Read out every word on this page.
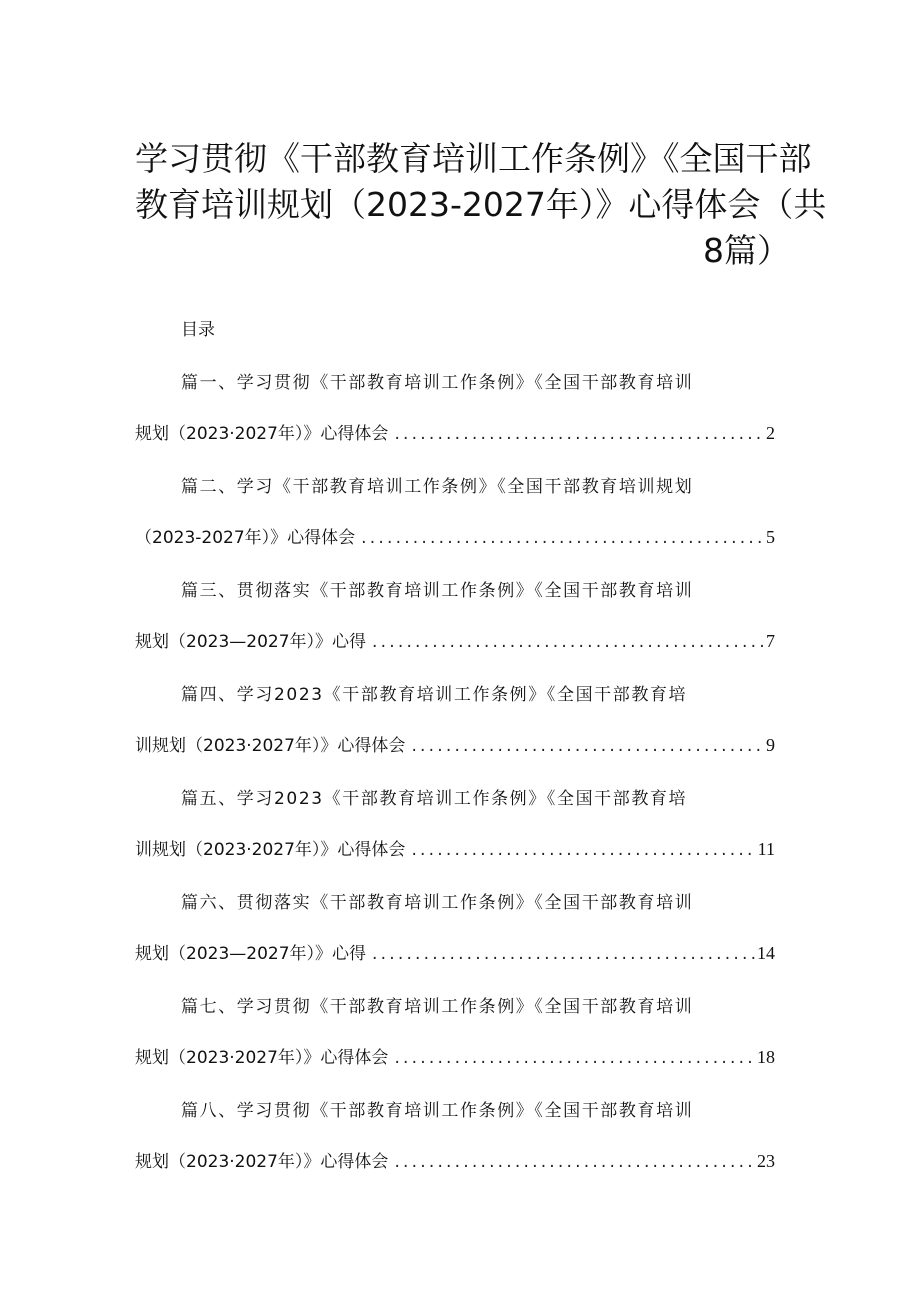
学习贯彻《干部教育培训工作条例》《全国干部
教育培训规划（2023-2027年）》心得体会（共
8篇）
目录
篇一、学习贯彻《干部教育培训工作条例》《全国干部教育培训
规划（2023·2027年）》心得体会 .....	2
篇二、学习《干部教育培训工作条例》《全国干部教育培训规划
（2023-2027年）》心得体会 .....	5
篇三、贯彻落实《干部教育培训工作条例》《全国干部教育培训
规划（2023—2027年）》心得 .....	7
篇四、学习2023《干部教育培训工作条例》《全国干部教育培
训规划（2023·2027年）》心得体会 .....	9
篇五、学习2023《干部教育培训工作条例》《全国干部教育培
训规划（2023·2027年）》心得体会 .....	11
篇六、贯彻落实《干部教育培训工作条例》《全国干部教育培训
规划（2023—2027年）》心得 .....	14
篇七、学习贯彻《干部教育培训工作条例》《全国干部教育培训
规划（2023·2027年）》心得体会 .....	18
篇八、学习贯彻《干部教育培训工作条例》《全国干部教育培训
规划（2023·2027年）》心得体会 .....	23
